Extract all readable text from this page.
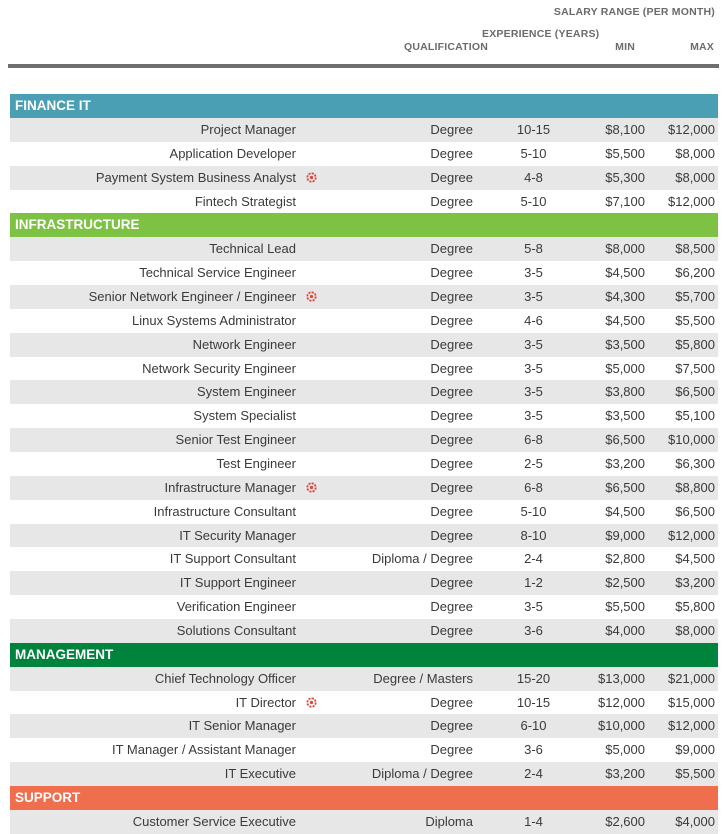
SALARY RANGE (PER MONTH)
QUALIFICATION
EXPERIENCE (YEARS)
MIN	MAX
FINANCE IT
Project Manager	Degree	10-15	$8,100	$12,000
Application Developer	Degree	5-10	$5,500	$8,000
Payment System Business Analyst	Degree	4-8	$5,300	$8,000
Fintech Strategist	Degree	5-10	$7,100	$12,000
INFRASTRUCTURE
Technical Lead	Degree	5-8	$8,000	$8,500
Technical Service Engineer	Degree	3-5	$4,500	$6,200
Senior Network Engineer / Engineer	Degree	3-5	$4,300	$5,700
Linux Systems Administrator	Degree	4-6	$4,500	$5,500
Network Engineer	Degree	3-5	$3,500	$5,800
Network Security Engineer	Degree	3-5	$5,000	$7,500
System Engineer	Degree	3-5	$3,800	$6,500
System Specialist	Degree	3-5	$3,500	$5,100
Senior Test Engineer	Degree	6-8	$6,500	$10,000
Test Engineer	Degree	2-5	$3,200	$6,300
Infrastructure Manager	Degree	6-8	$6,500	$8,800
Infrastructure Consultant	Degree	5-10	$4,500	$6,500
IT Security Manager	Degree	8-10	$9,000	$12,000
IT Support Consultant	Diploma / Degree	2-4	$2,800	$4,500
IT Support Engineer	Degree	1-2	$2,500	$3,200
Verification Engineer	Degree	3-5	$5,500	$5,800
Solutions Consultant	Degree	3-6	$4,000	$8,000
MANAGEMENT
Chief Technology Officer	Degree / Masters	15-20	$13,000	$21,000
IT Director	Degree	10-15	$12,000	$15,000
IT Senior Manager	Degree	6-10	$10,000	$12,000
IT Manager / Assistant Manager	Degree	3-6	$5,000	$9,000
IT Executive	Diploma / Degree	2-4	$3,200	$5,500
SUPPORT
Customer Service Executive	Diploma	1-4	$2,600	$4,000
